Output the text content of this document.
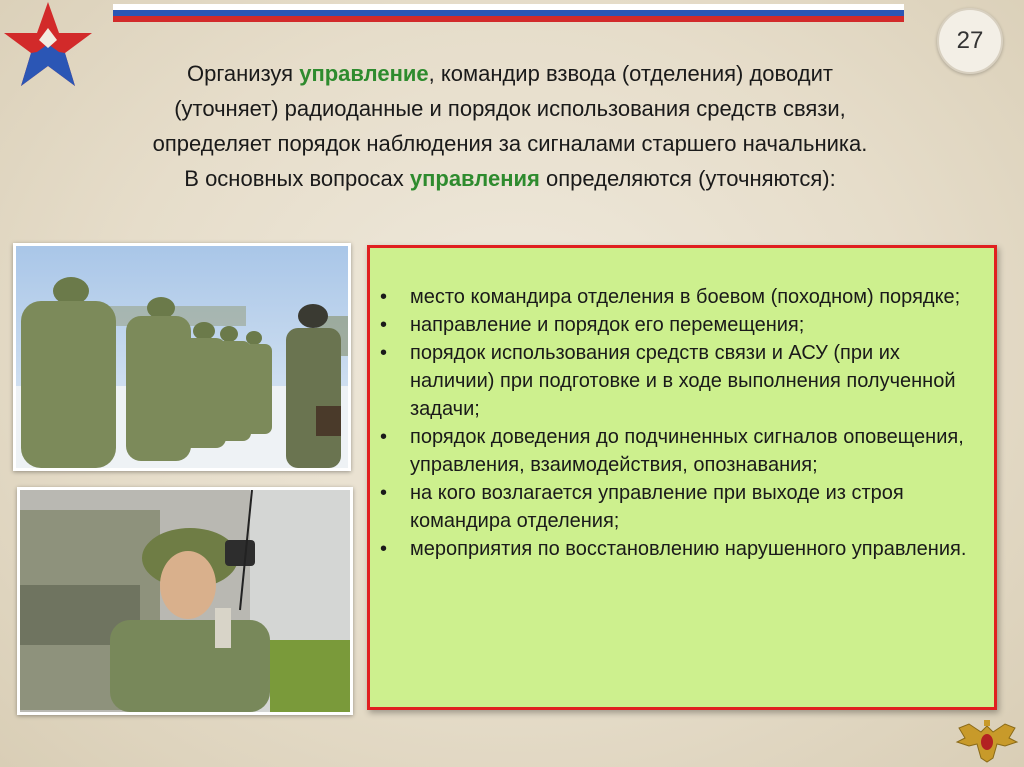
27
Организуя управление, командир взвода (отделения) доводит
(уточняет) радиоданные и порядок использования средств связи,
определяет порядок наблюдения за сигналами старшего начальника.
В основных вопросах управления определяются (уточняются):
• место командира отделения в боевом (походном) порядке;
• направление и порядок его перемещения;
• порядок использования средств связи и АСУ (при их наличии) при подготовке и в ходе выполнения полученной задачи;
• порядок доведения до подчиненных сигналов оповещения, управления, взаимодействия, опознавания;
• на кого возлагается управление при выходе из строя командира отделения;
• мероприятия по восстановлению нарушенного управления.
